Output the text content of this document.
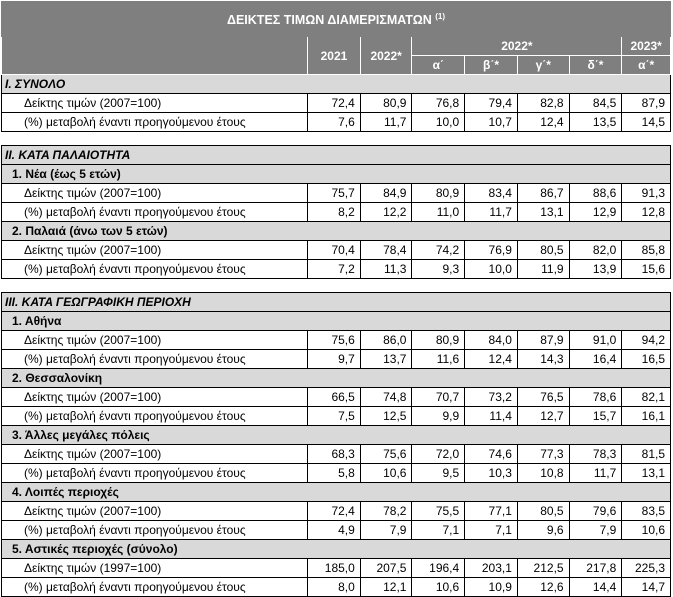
ΔΕΙΚΤΕΣ ΤΙΜΩΝ ΔΙΑΜΕΡΙΣΜΑΤΩΝ $^{(1)}$
	2021	2022*	2022*				2023*
			α΄	β΄*	γ΄*	δ΄*	α΄*
I. ΣΥΝΟΛΟ							
Δείκτης τιμών (2007=100)	72,4	80,9	76,8	79,4	82,8	84,5	87,9
(%) μεταβολή έναντι προηγούμενου έτους	7,6	11,7	10,0	10,7	12,4	13,5	14,5

II. ΚΑΤΑ ΠΑΛΑΙΟΤΗΤΑ							
1. Νέα (έως 5 ετών)							
Δείκτης τιμών (2007=100)	75,7	84,9	80,9	83,4	86,7	88,6	91,3
(%) μεταβολή έναντι προηγούμενου έτους	8,2	12,2	11,0	11,7	13,1	12,9	12,8
2. Παλαιά (άνω των 5 ετών)							
Δείκτης τιμών (2007=100)	70,4	78,4	74,2	76,9	80,5	82,0	85,8
(%) μεταβολή έναντι προηγούμενου έτους	7,2	11,3	9,3	10,0	11,9	13,9	15,6

III. ΚΑΤΑ ΓΕΩΓΡΑΦΙΚΗ ΠΕΡΙΟΧΗ							
1. Αθήνα							
Δείκτης τιμών (2007=100)	75,6	86,0	80,9	84,0	87,9	91,0	94,2
(%) μεταβολή έναντι προηγούμενου έτους	9,7	13,7	11,6	12,4	14,3	16,4	16,5
2. Θεσσαλονίκη							
Δείκτης τιμών (2007=100)	66,5	74,8	70,7	73,2	76,5	78,6	82,1
(%) μεταβολή έναντι προηγούμενου έτους	7,5	12,5	9,9	11,4	12,7	15,7	16,1
3. Άλλες μεγάλες πόλεις							
Δείκτης τιμών (2007=100)	68,3	75,6	72,0	74,6	77,3	78,3	81,5
(%) μεταβολή έναντι προηγούμενου έτους	5,8	10,6	9,5	10,3	10,8	11,7	13,1
4. Λοιπές περιοχές							
Δείκτης τιμών (2007=100)	72,4	78,2	75,5	77,1	80,5	79,6	83,5
(%) μεταβολή έναντι προηγούμενου έτους	4,9	7,9	7,1	7,1	9,6	7,9	10,6
5. Αστικές περιοχές (σύνολο)							
Δείκτης τιμών (1997=100)	185,0	207,5	196,4	203,1	212,5	217,8	225,3
(%) μεταβολή έναντι προηγούμενου έτους	8,0	12,1	10,6	10,9	12,6	14,4	14,7
